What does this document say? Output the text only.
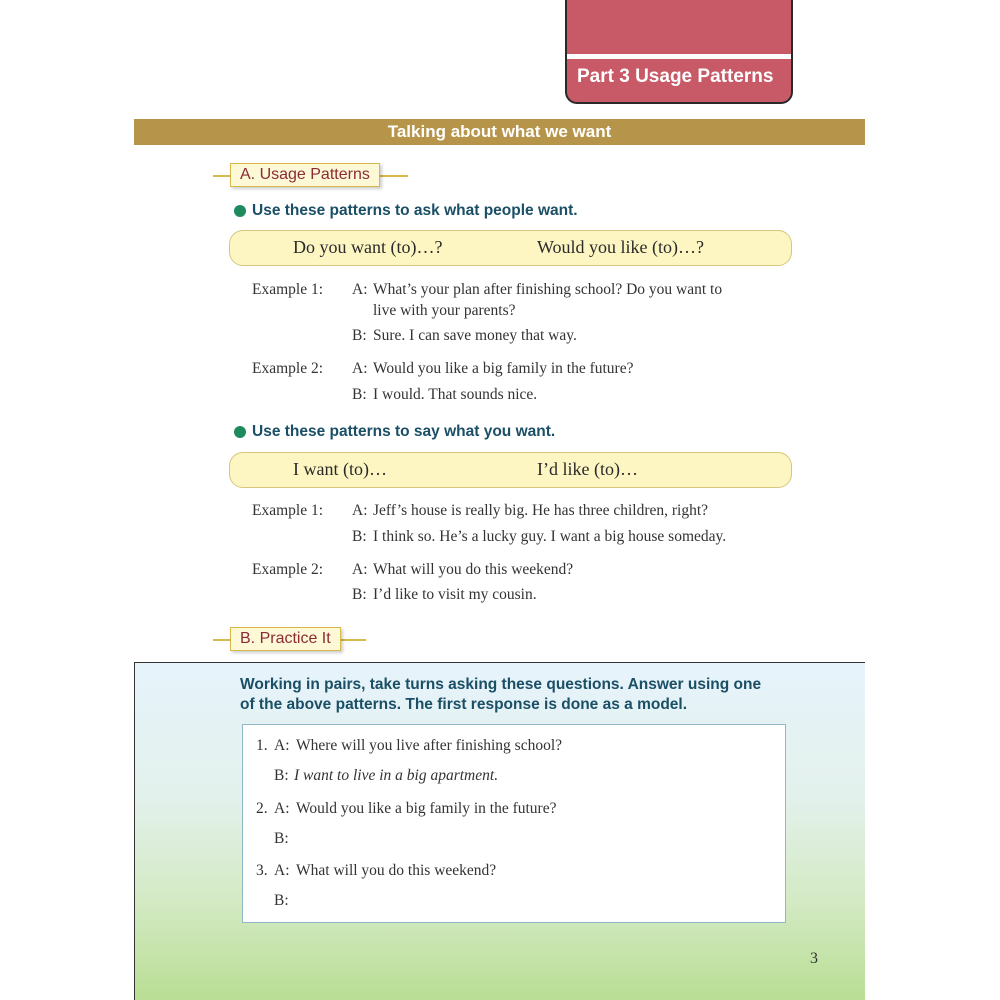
Part 3 Usage Patterns
Talking about what we want
A. Usage Patterns
Use these patterns to ask what people want.
Do you want (to)…?	Would you like (to)…?
Example 1: A: What’s your plan after finishing school? Do you want to
live with your parents?
B: Sure. I can save money that way.
Example 2: A: Would you like a big family in the future?
B: I would. That sounds nice.
Use these patterns to say what you want.
I want (to)…	I’d like (to)…
Example 1: A: Jeff’s house is really big. He has three children, right?
B: I think so. He’s a lucky guy. I want a big house someday.
Example 2: A: What will you do this weekend?
B: I’d like to visit my cousin.
B. Practice It
Working in pairs, take turns asking these questions. Answer using one
of the above patterns. The first response is done as a model.
1. A: Where will you live after finishing school?
B: I want to live in a big apartment.
2. A: Would you like a big family in the future?
B:
3. A: What will you do this weekend?
B:
3
